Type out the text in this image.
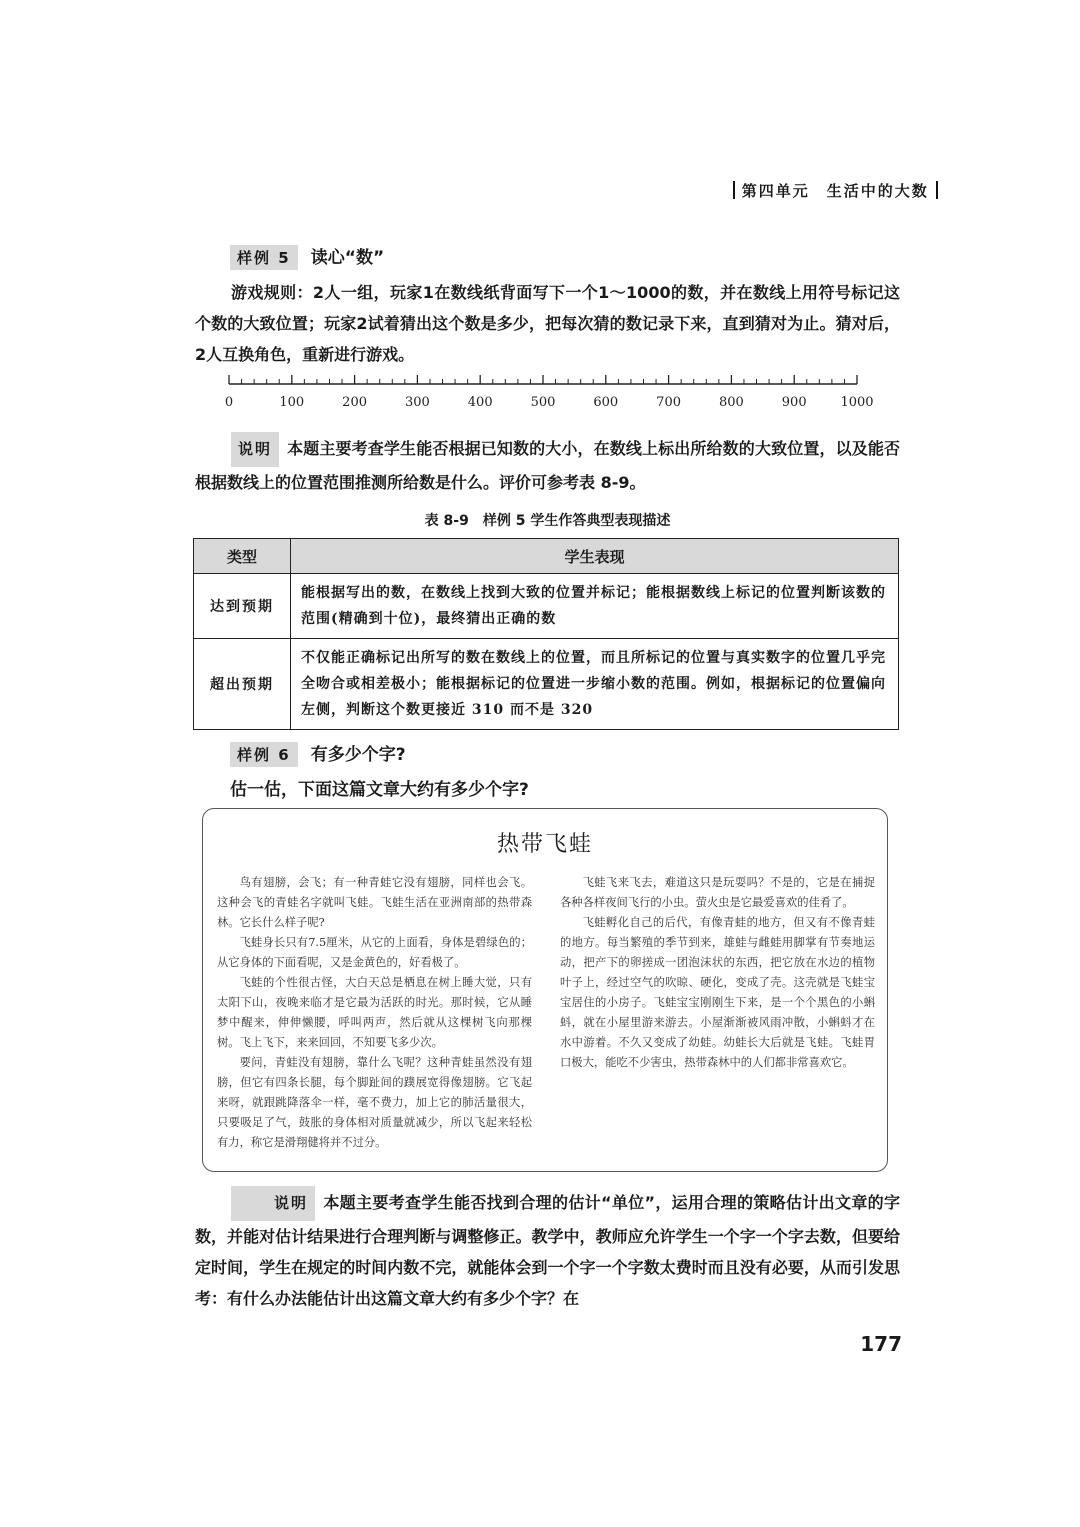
第四单元　生活中的大数
样例 5 读心“数”
游戏规则：2人一组，玩家1在数线纸背面写下一个1～1000的数，并在数线上用符号标记这个数的大致位置；玩家2试着猜出这个数是多少，把每次猜的数记录下来，直到猜对为止。猜对后，2人互换角色，重新进行游戏。
0	100	200	300	400	500	600	700	800	900	1000
说明 本题主要考查学生能否根据已知数的大小，在数线上标出所给数的大致位置，以及能否根据数线上的位置范围推测所给数是什么。评价可参考表 8-9。
表 8-9　样例 5 学生作答典型表现描述
类型	学生表现
达到预期	能根据写出的数，在数线上找到大致的位置并标记；能根据数线上标记的位置判断该数的范围(精确到十位)，最终猜出正确的数
超出预期	不仅能正确标记出所写的数在数线上的位置，而且所标记的位置与真实数字的位置几乎完全吻合或相差极小；能根据标记的位置进一步缩小数的范围。例如，根据标记的位置偏向左侧，判断这个数更接近 310 而不是 320
样例 6 有多少个字?
估一估，下面这篇文章大约有多少个字?
热带飞蛙

鸟有翅膀，会飞；有一种青蛙它没有翅膀，同样也会飞。这种会飞的青蛙名字就叫飞蛙。飞蛙生活在亚洲南部的热带森林。它长什么样子呢?

飞蛙身长只有7.5厘米，从它的上面看，身体是碧绿色的；从它身体的下面看呢，又是金黄色的，好看极了。

飞蛙的个性很古怪，大白天总是栖息在树上睡大觉，只有太阳下山，夜晚来临才是它最为活跃的时光。那时候，它从睡梦中醒来，伸伸懒腰，呼叫两声，然后就从这棵树飞向那棵树。飞上飞下，来来回回，不知要飞多少次。

要问，青蛙没有翅膀，靠什么飞呢？这种青蛙虽然没有翅膀，但它有四条长腿，每个脚趾间的蹼展宽得像翅膀。它飞起来呀，就跟跳降落伞一样，毫不费力，加上它的肺活量很大，只要吸足了气，鼓胀的身体相对质量就减少，所以飞起来轻松有力，称它是滑翔健将并不过分。

飞蛙飞来飞去，难道这只是玩耍吗？不是的，它是在捕捉各种各样夜间飞行的小虫。萤火虫是它最爱喜欢的佳肴了。

飞蛙孵化自己的后代，有像青蛙的地方，但又有不像青蛙的地方。每当繁殖的季节到来，雄蛙与雌蛙用脚掌有节奏地运动，把产下的卵搓成一团泡沫状的东西，把它放在水边的植物叶子上，经过空气的吹晾、硬化，变成了壳。这壳就是飞蛙宝宝居住的小房子。飞蛙宝宝刚刚生下来，是一个个黑色的小蝌蚪，就在小屋里游来游去。小屋渐渐被风雨冲散，小蝌蚪才在水中游着。不久又变成了幼蛙。幼蛙长大后就是飞蛙。飞蛙胃口极大，能吃不少害虫，热带森林中的人们都非常喜欢它。

说明 本题主要考查学生能否找到合理的估计“单位”，运用合理的策略估计出文章的字数，并能对估计结果进行合理判断与调整修正。教学中，教师应允许学生一个字一个字去数，但要给定时间，学生在规定的时间内数不完，就能体会到一个字一个字数太费时而且没有必要，从而引发思考：有什么办法能估计出这篇文章大约有多少个字？在
177
